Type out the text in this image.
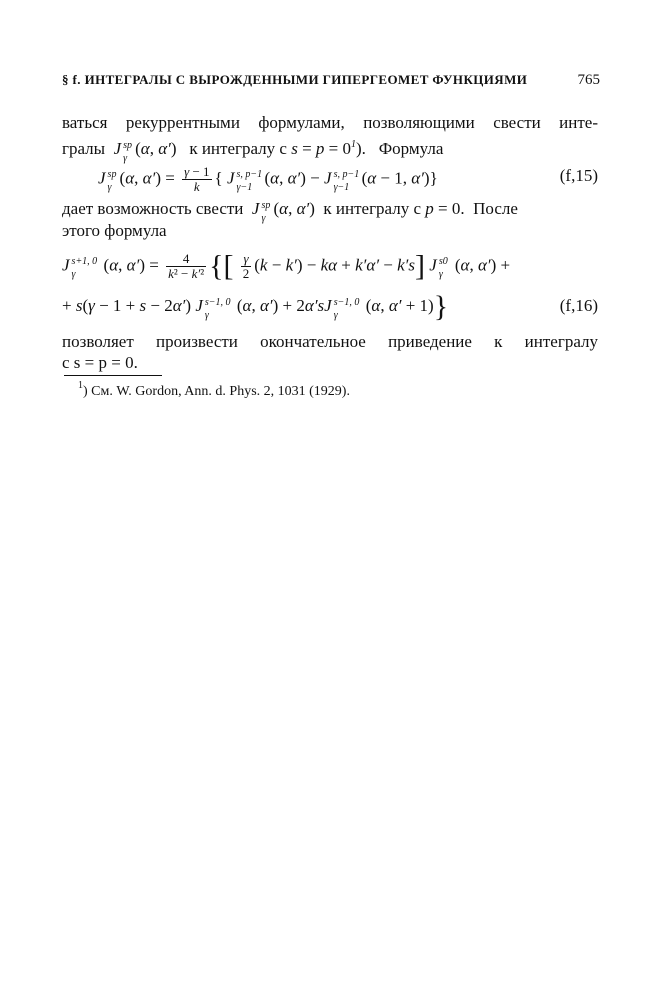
§ f. ИНТЕГРАЛЫ С ВЫРОЖДЕННЫМИ ГИПЕРГЕОМЕТ ФУНКЦИЯМИ	765
ваться рекуррентными формулами, позволяющими свести инте-
гралы J sp
γ
(α, α′)   к интегралу с $s = p = 0^1$).   Формула
J sp
γ
(α, $\alpha') = \frac{\gamma - 1}{k}$ { J s, p−1
γ−1
(α, α′) − J s, p−1
γ−1
(α − 1, α′)}	(f,15)
дает возможность свести J sp
γ
(α, α′)  к интегралу с p = 0.  После
этого формула
J s+1, 0
γ
(α, $\alpha') = \frac{4}{\text{k² − k′²}}$ {[ $\frac{\gamma}{2} (k - k') - k\alpha + k'\alpha' - k's$] J s0
γ
(α, α′) +
+ s(γ − 1 + s − 2α′) J s−1, 0
γ
(α, α′) + 2α′sJ s−1, 0
γ
(α, α′ + 1)}	(f,16)
позволяет произвести окончательное приведение к интегралу
с s = p = 0.
$^1$) См. W. Gordon, Ann. d. Phys. 2, 1031 (1929).
